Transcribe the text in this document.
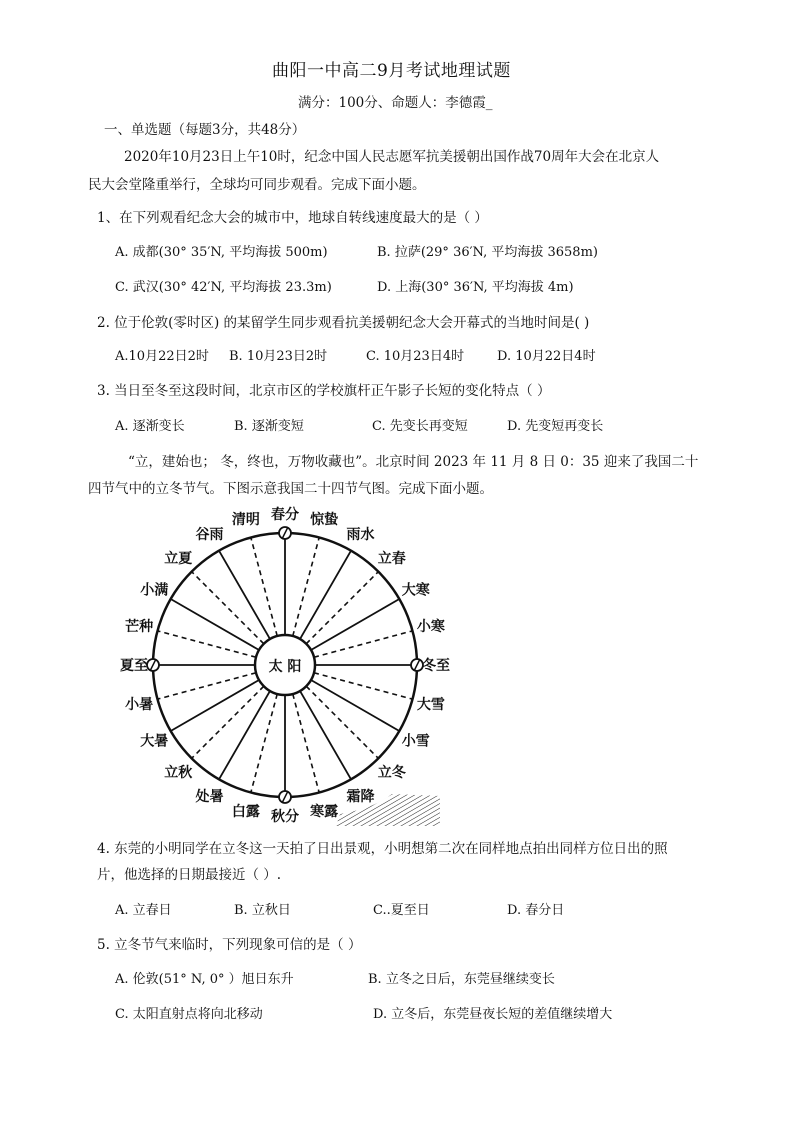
曲阳一中高二9月考试地理试题
满分：100分、命题人：李德霞_
一、单选题（每题3分，共48分）
2020年10月23日上午10时，纪念中国人民志愿军抗美援朝出国作战70周年大会在北京人
民大会堂隆重举行，全球均可同步观看。完成下面小题。
1、在下列观看纪念大会的城市中，地球自转线速度最大的是（ ）
A. 成都(30° 35′N, 平均海拔 500m)	B. 拉萨(29° 36′N, 平均海拔 3658m)
C. 武汉(30° 42′N, 平均海拔 23.3m)	D. 上海(30° 36′N, 平均海拔 4m)
2. 位于伦敦(零时区) 的某留学生同步观看抗美援朝纪念大会开幕式的当地时间是( )
A.10月22日2时 B. 10月23日2时	C. 10月23日4时	D. 10月22日4时
3. 当日至冬至这段时间，北京市区的学校旗杆正午影子长短的变化特点（ ）
A. 逐渐变长	B. 逐渐变短	C. 先变长再变短	D. 先变短再变长
“立，建始也； 冬，终也，万物收藏也”。北京时间 2023 年 11 月 8 日 0：35 迎来了我国二十
四节气中的立冬节气。下图示意我国二十四节气图。完成下面小题。
太 阳
春分 惊蛰
雨水
立春
大寒
小寒
冬至
大雪
小雪
立冬
霜降
寒露
秋分
白露
处暑
立秋
大暑
小暑
夏至
芒种
小满
立夏
谷雨
清明
4. 东莞的小明同学在立冬这一天拍了日出景观，小明想第二次在同样地点拍出同样方位日出的照
片，他选择的日期最接近（ ）.
A. 立春日	B. 立秋日	C..夏至日	D. 春分日
5. 立冬节气来临时，下列现象可信的是（ ）
A. 伦敦(51° N, 0° ）旭日东升	B. 立冬之日后，东莞昼继续变长
C. 太阳直射点将向北移动	D. 立冬后，东莞昼夜长短的差值继续增大
